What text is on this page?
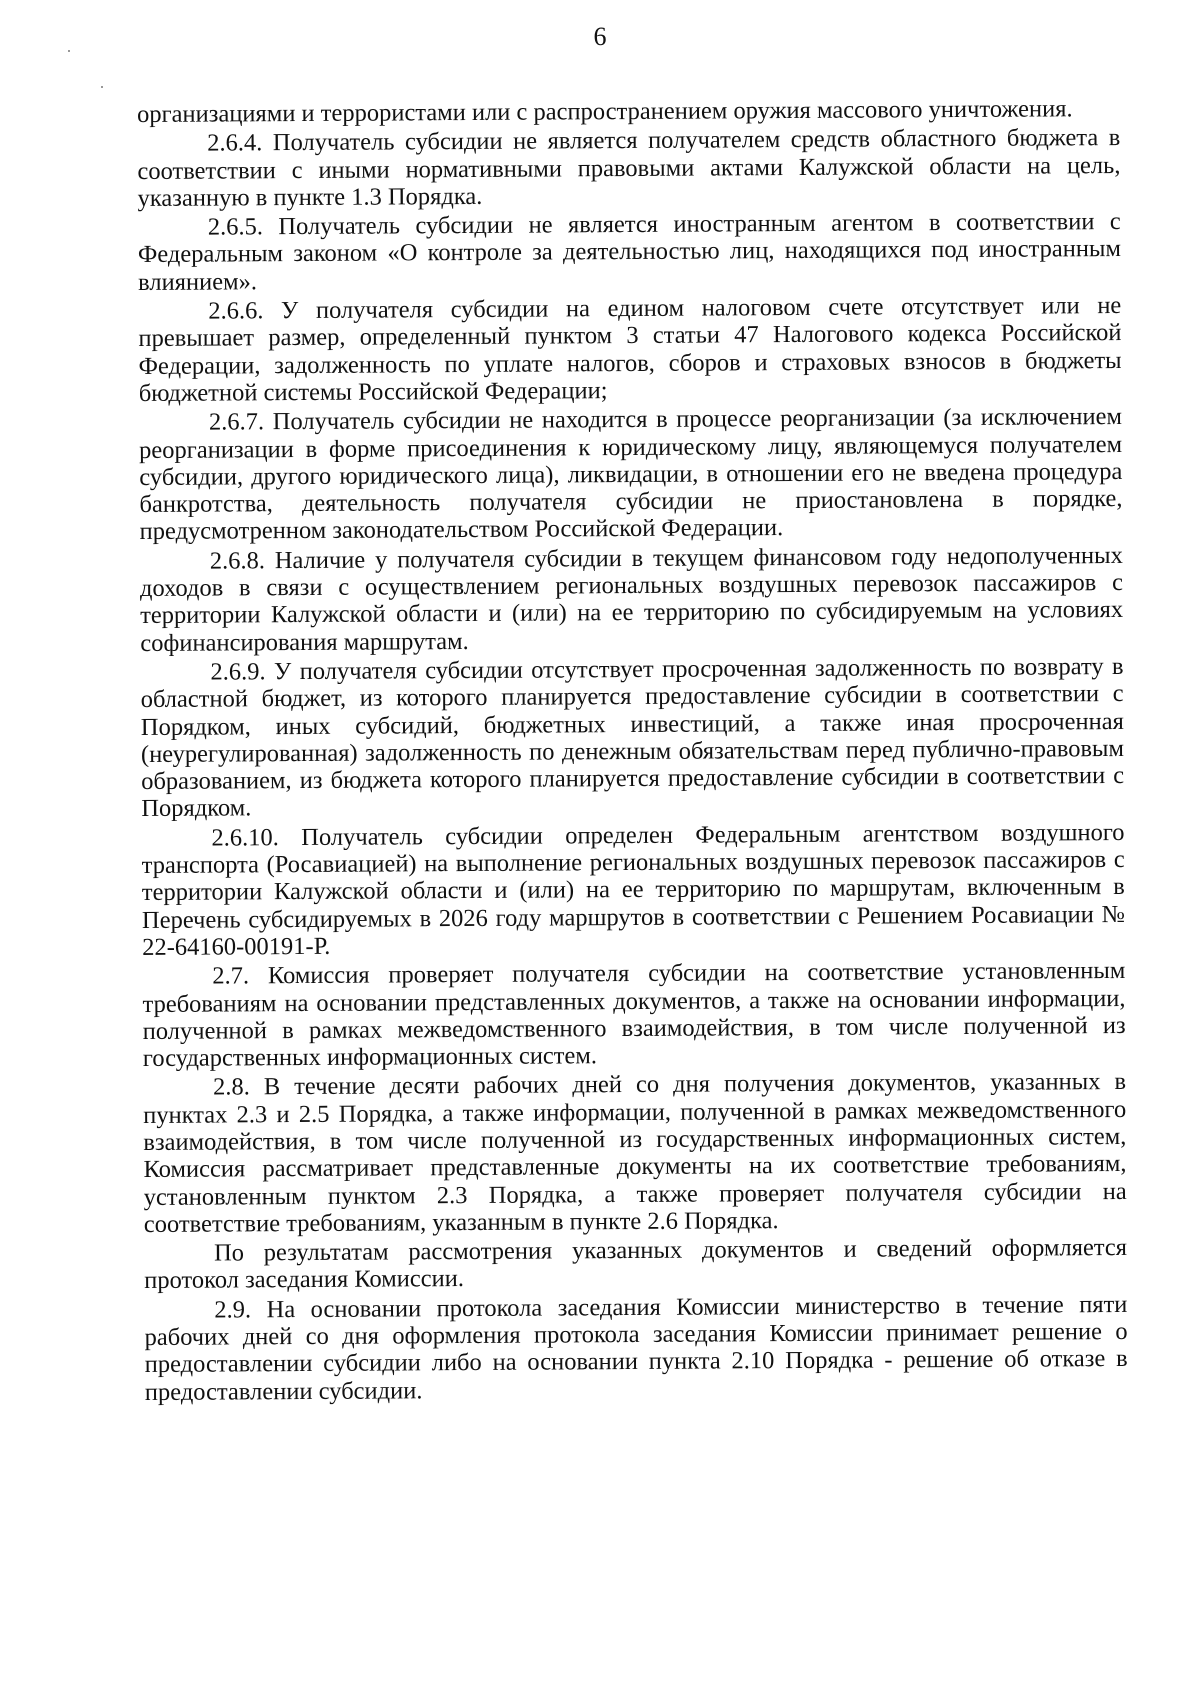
6

организациями и террористами или с распространением оружия массового уничтожения.

2.6.4. Получатель субсидии не является получателем средств областного бюджета в соответствии с иными нормативными правовыми актами Калужской области на цель, указанную в пункте 1.3 Порядка.

2.6.5. Получатель субсидии не является иностранным агентом в соответствии с Федеральным законом «О контроле за деятельностью лиц, находящихся под иностранным влиянием».

2.6.6. У получателя субсидии на едином налоговом счете отсутствует или не превышает размер, определенный пунктом 3 статьи 47 Налогового кодекса Российской Федерации, задолженность по уплате налогов, сборов и страховых взносов в бюджеты бюджетной системы Российской Федерации;

2.6.7. Получатель субсидии не находится в процессе реорганизации (за исключением реорганизации в форме присоединения к юридическому лицу, являющемуся получателем субсидии, другого юридического лица), ликвидации, в отношении его не введена процедура банкротства, деятельность получателя субсидии не приостановлена в порядке, предусмотренном законодательством Российской Федерации.

2.6.8. Наличие у получателя субсидии в текущем финансовом году недополученных доходов в связи с осуществлением региональных воздушных перевозок пассажиров с территории Калужской области и (или) на ее территорию по субсидируемым на условиях софинансирования маршрутам.

2.6.9. У получателя субсидии отсутствует просроченная задолженность по возврату в областной бюджет, из которого планируется предоставление субсидии в соответствии с Порядком, иных субсидий, бюджетных инвестиций, а также иная просроченная (неурегулированная) задолженность по денежным обязательствам перед публично-правовым образованием, из бюджета которого планируется предоставление субсидии в соответствии с Порядком.

2.6.10. Получатель субсидии определен Федеральным агентством воздушного транспорта (Росавиацией) на выполнение региональных воздушных перевозок пассажиров с территории Калужской области и (или) на ее территорию по маршрутам, включенным в Перечень субсидируемых в 2026 году маршрутов в соответствии с Решением Росавиации № 22-64160-00191-Р.

2.7. Комиссия проверяет получателя субсидии на соответствие установленным требованиям на основании представленных документов, а также на основании информации, полученной в рамках межведомственного взаимодействия, в том числе полученной из государственных информационных систем.

2.8. В течение десяти рабочих дней со дня получения документов, указанных в пунктах 2.3 и 2.5 Порядка, а также информации, полученной в рамках межведомственного взаимодействия, в том числе полученной из государственных информационных систем, Комиссия рассматривает представленные документы на их соответствие требованиям, установленным пунктом 2.3 Порядка, а также проверяет получателя субсидии на соответствие требованиям, указанным в пункте 2.6 Порядка.

По результатам рассмотрения указанных документов и сведений оформляется протокол заседания Комиссии.

2.9. На основании протокола заседания Комиссии министерство в течение пяти рабочих дней со дня оформления протокола заседания Комиссии принимает решение о предоставлении субсидии либо на основании пункта 2.10 Порядка - решение об отказе в предоставлении субсидии.
